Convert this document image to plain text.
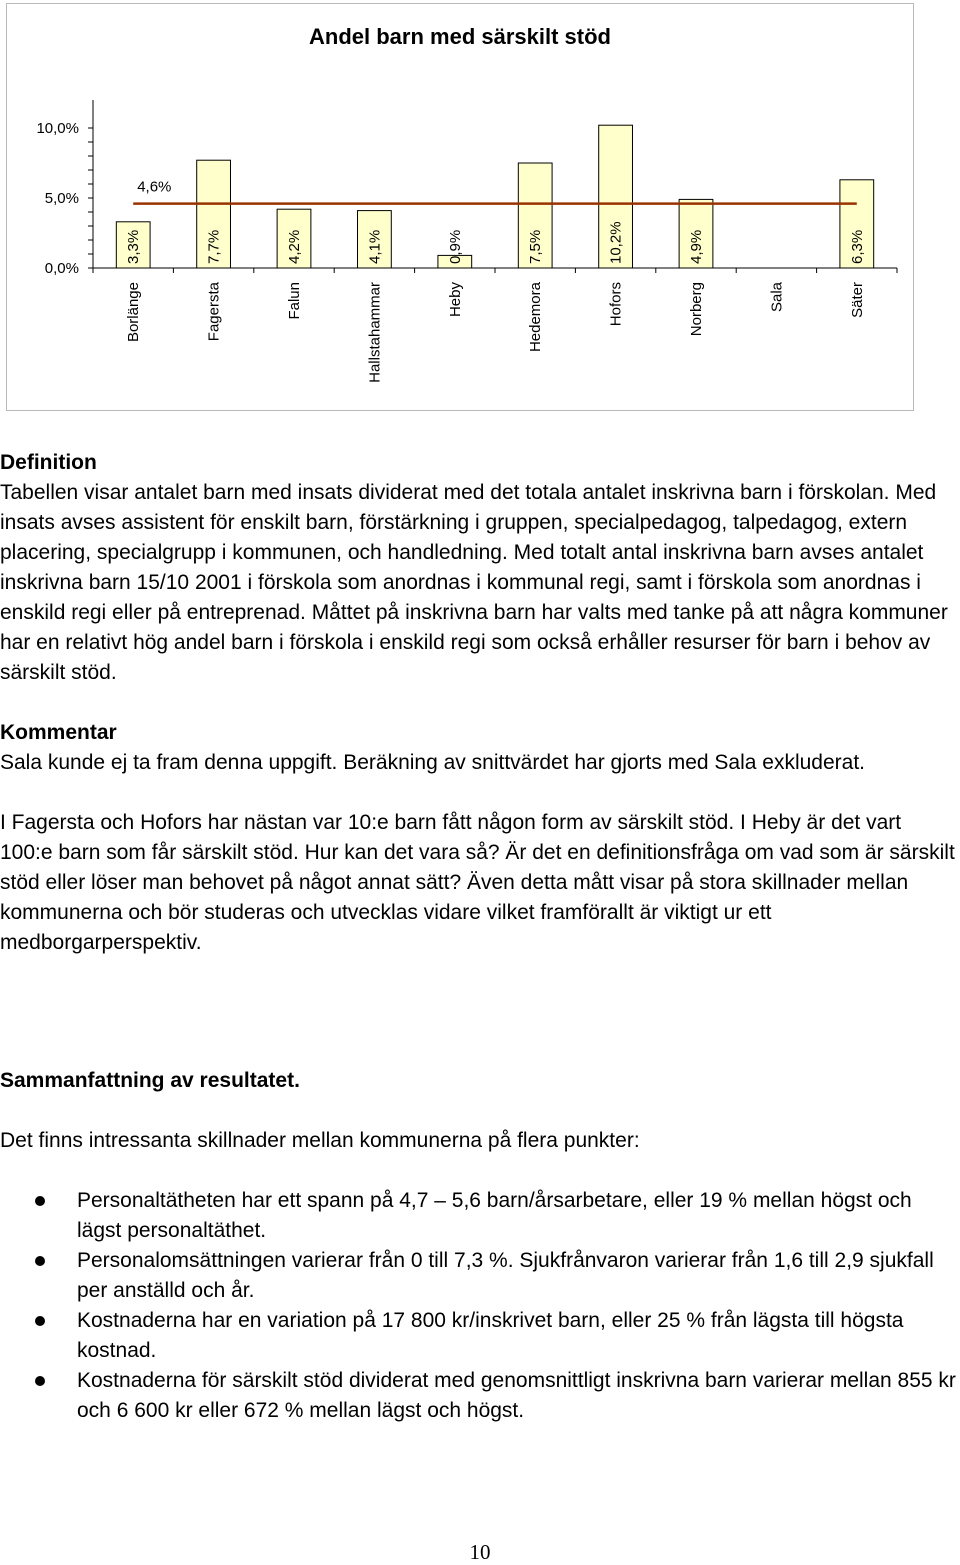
Andel barn med särskilt stöd
0,0%
5,0%
10,0%
3,3%
Borlänge
7,7%
Fagersta
4,2%
Falun
4,1%
Hallstahammar
0,9%
Heby
7,5%
Hedemora
10,2%
Hofors
4,9%
Norberg	Sala
6,3%
Säter
4,6%

Definition

Tabellen visar antalet barn med insats dividerat med det totala antalet inskrivna barn i förskolan. Med insats avses assistent för enskilt barn, förstärkning i gruppen, specialpedagog, talpedagog, extern placering, specialgrupp i kommunen, och handledning. Med totalt antal inskrivna barn avses antalet inskrivna barn 15/10 2001 i förskola som anordnas i kommunal regi, samt i förskola som anordnas i enskild regi eller på entreprenad. Måttet på inskrivna barn har valts med tanke på att några kommuner har en relativt hög andel barn i förskola i enskild regi som också erhåller resurser för barn i behov av särskilt stöd.

Kommentar

Sala kunde ej ta fram denna uppgift. Beräkning av snittvärdet har gjorts med Sala exkluderat.

I Fagersta och Hofors har nästan var 10:e barn fått någon form av särskilt stöd. I Heby är det vart 100:e barn som får särskilt stöd. Hur kan det vara så? Är det en definitionsfråga om vad som är särskilt stöd eller löser man behovet på något annat sätt? Även detta mått visar på stora skillnader mellan kommunerna och bör studeras och utvecklas vidare vilket framförallt är viktigt ur ett medborgarperspektiv.

Sammanfattning av resultatet.

Det finns intressanta skillnader mellan kommunerna på flera punkter:

Personaltätheten har ett spann på 4,7 – 5,6 barn/årsarbetare, eller 19 % mellan högst och lägst personaltäthet.
Personalomsättningen varierar från 0 till 7,3 %. Sjukfrånvaron varierar från 1,6 till 2,9 sjukfall per anställd och år.
Kostnaderna har en variation på 17 800 kr/inskrivet barn, eller 25 % från lägsta till högsta kostnad.
Kostnaderna för särskilt stöd dividerat med genomsnittligt inskrivna barn varierar mellan 855 kr och 6 600 kr eller 672 % mellan lägst och högst.
10
